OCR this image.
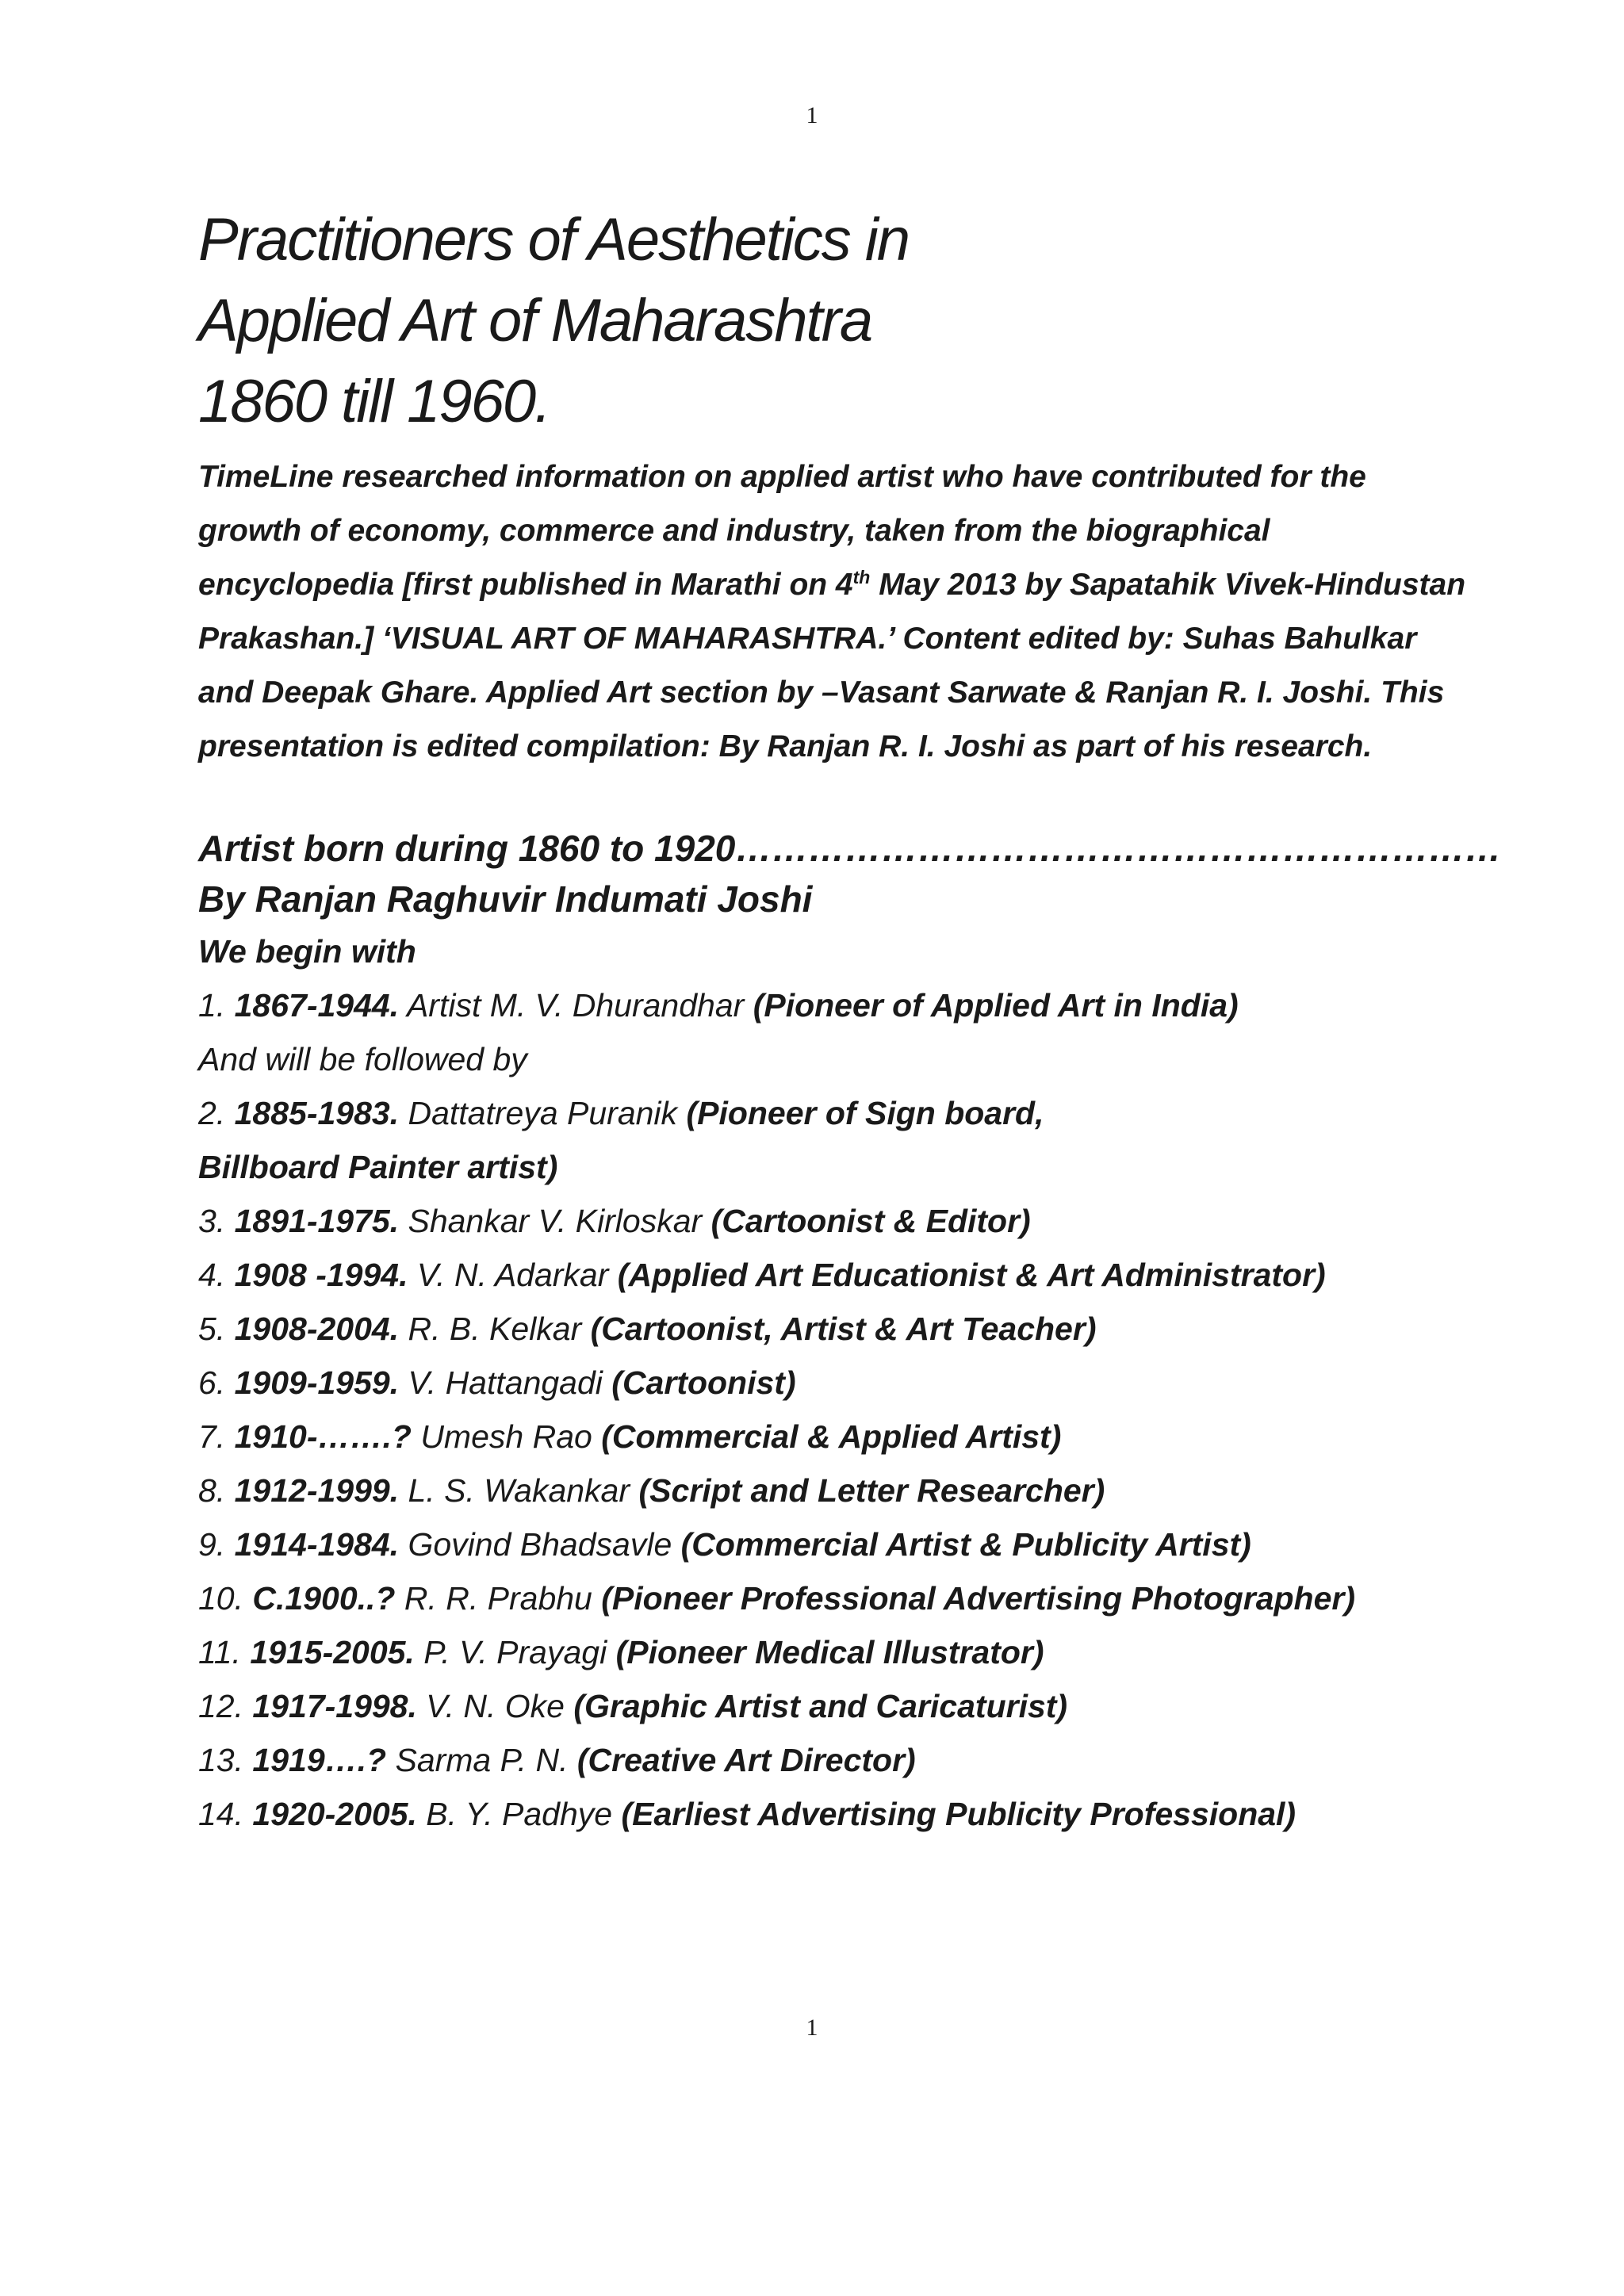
1
Practitioners of Aesthetics in
Applied Art of Maharashtra
1860 till 1960.
TimeLine researched information on applied artist who have contributed for the growth of economy, commerce and industry, taken from the biographical encyclopedia [first published in Marathi on 4th May 2013 by Sapatahik Vivek-Hindustan Prakashan.] ‘VISUAL ART OF MAHARASHTRA.’ Content edited by: Suhas Bahulkar and Deepak Ghare. Applied Art section by –Vasant Sarwate & Ranjan R. I. Joshi. This presentation is edited compilation: By Ranjan R. I. Joshi as part of his research.
Artist born during 1860 to 1920………………………………………………………
By Ranjan Raghuvir Indumati Joshi
We begin with
1. 1867-1944. Artist M. V. Dhurandhar (Pioneer of Applied Art in India)
And will be followed by
2. 1885-1983. Dattatreya Puranik (Pioneer of Sign board,
Billboard Painter artist)
3. 1891-1975. Shankar V. Kirloskar (Cartoonist & Editor)
4. 1908 -1994. V. N. Adarkar (Applied Art Educationist & Art Administrator)
5. 1908-2004. R. B. Kelkar (Cartoonist, Artist & Art Teacher)
6. 1909-1959. V. Hattangadi (Cartoonist)
7. 1910-…….? Umesh Rao (Commercial & Applied Artist)
8. 1912-1999. L. S. Wakankar (Script and Letter Researcher)
9. 1914-1984. Govind Bhadsavle (Commercial Artist & Publicity Artist)
10. C.1900..? R. R. Prabhu (Pioneer Professional Advertising Photographer)
11. 1915-2005. P. V. Prayagi (Pioneer Medical Illustrator)
12. 1917-1998. V. N. Oke (Graphic Artist and Caricaturist)
13. 1919….? Sarma P. N. (Creative Art Director)
14. 1920-2005. B. Y. Padhye (Earliest Advertising Publicity Professional)
1
